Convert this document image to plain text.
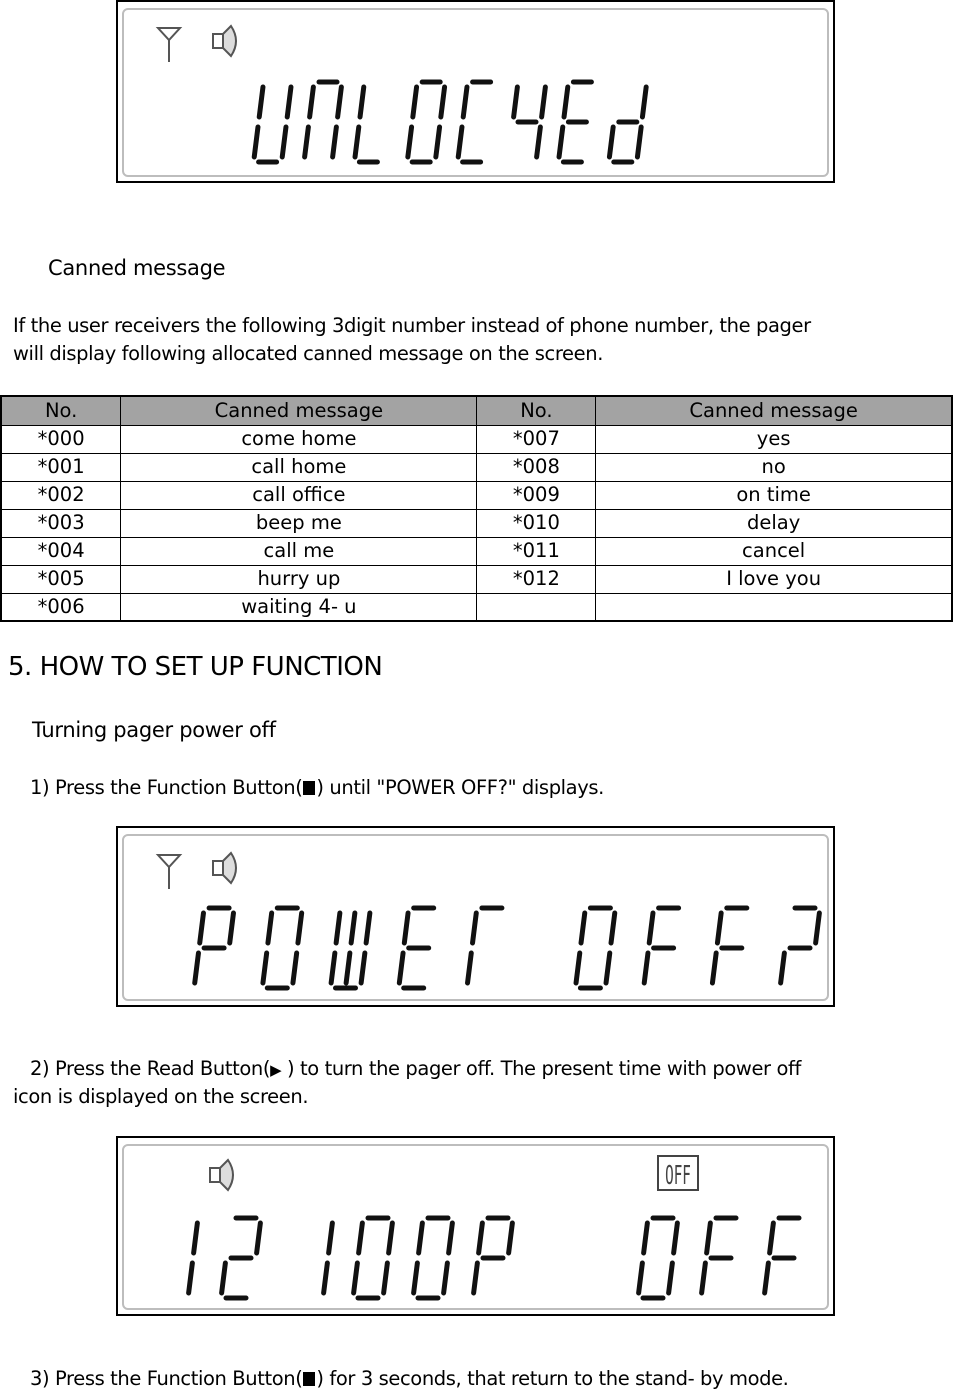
Canned message
If the user receivers the following 3digit number instead of phone number, the pager
will display following allocated canned message on the screen.
No.	Canned message	No.	Canned message
*000	come home	*007	yes
*001	call home	*008	no
*002	call office	*009	on time
*003	beep me	*010	delay
*004	call me	*011	cancel
*005	hurry up	*012	I love you
*006	waiting 4- u		
5. HOW TO SET UP FUNCTION
Turning pager power off
1) Press the Function Button( ) until "POWER OFF?" displays.
2) Press the Read Button(▶ ) to turn the pager off. The present time with power off
icon is displayed on the screen.
OFF
3) Press the Function Button( ) for 3 seconds, that return to the stand- by mode.
